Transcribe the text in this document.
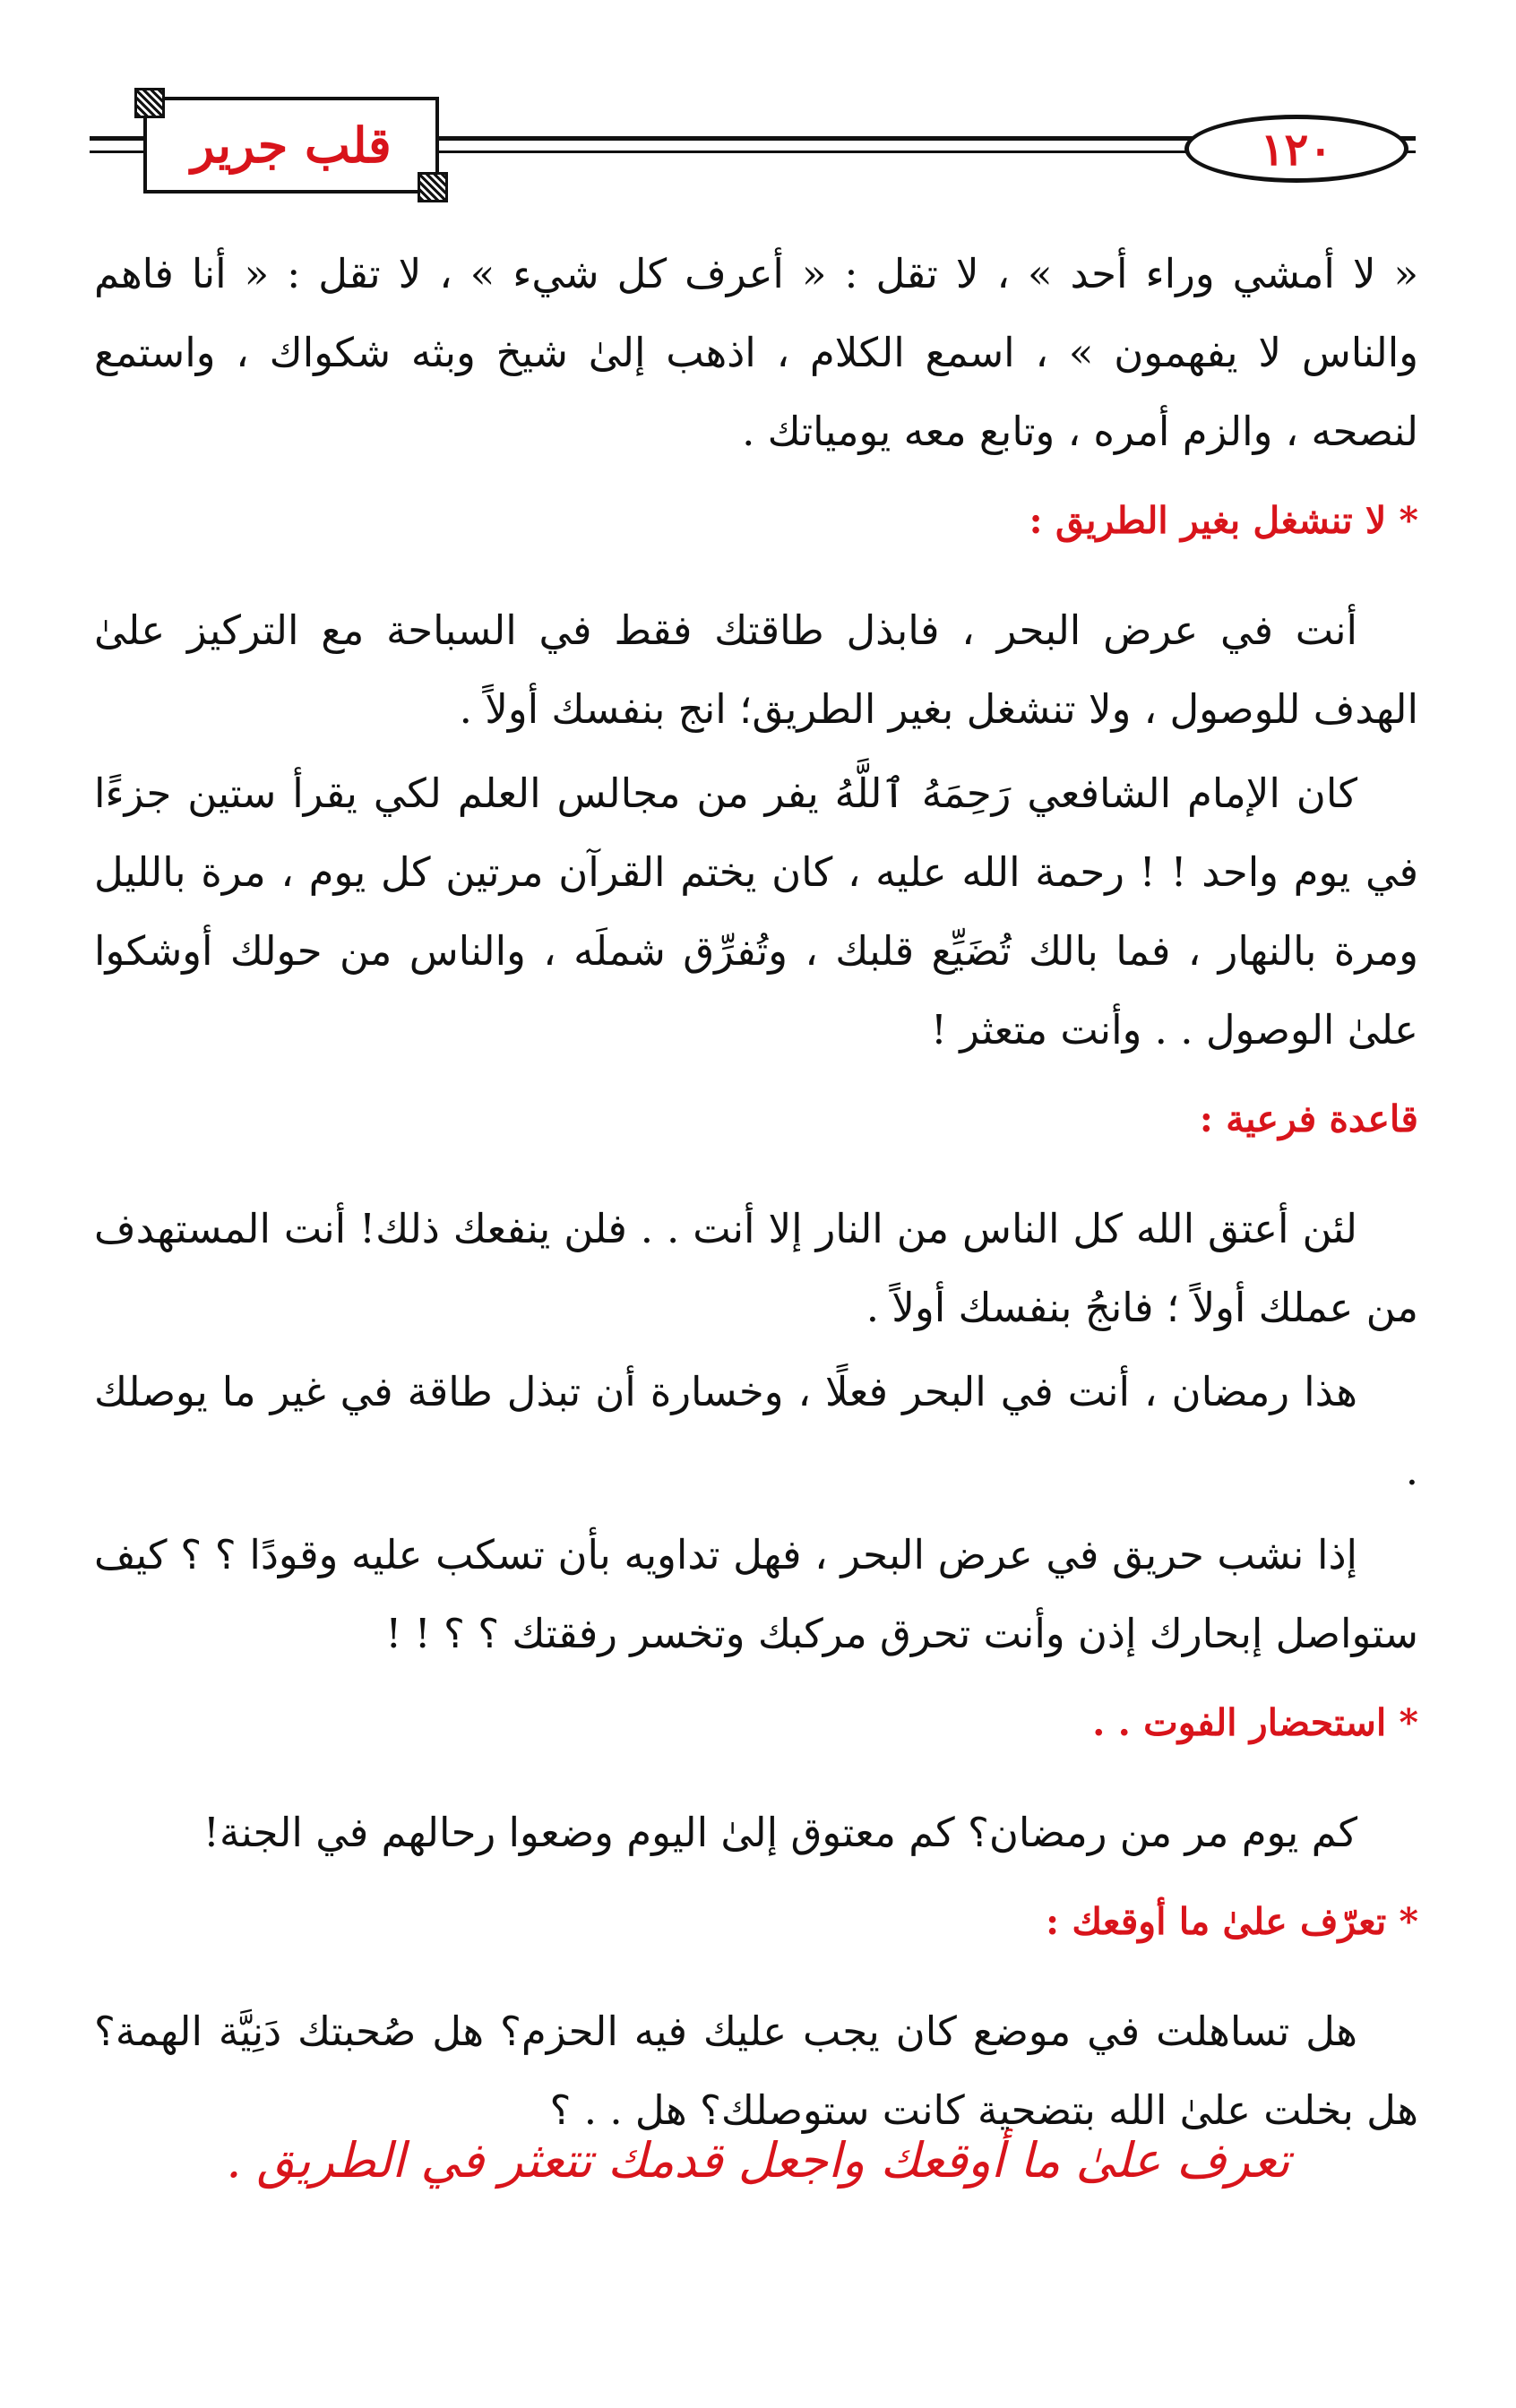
قلب جرير	١٢٠

« لا أمشي وراء أحد » ، لا تقل : « أعرف كل شيء » ، لا تقل : « أنا فاهم والناس لا يفهمون » ، اسمع الكلام ، اذهب إلىٰ شيخ وبثه شكواك ، واستمع لنصحه ، والزم أمره ، وتابع معه يومياتك .

* لا تنشغل بغير الطريق :

أنت في عرض البحر ، فابذل طاقتك فقط في السباحة مع التركيز علىٰ الهدف للوصول ، ولا تنشغل بغير الطريق؛ انج بنفسك أولاً .

كان الإمام الشافعي رَحِمَهُ ٱللَّهُ يفر من مجالس العلم لكي يقرأ ستين جزءًا في يوم واحد ! ! رحمة الله عليه ، كان يختم القرآن مرتين كل يوم ، مرة بالليل ومرة بالنهار ، فما بالك تُضَيِّع قلبك ، وتُفرِّق شملَه ، والناس من حولك أوشكوا علىٰ الوصول . . وأنت متعثر !

قاعدة فرعية :

لئن أعتق الله كل الناس من النار إلا أنت . . فلن ينفعك ذلك! أنت المستهدف من عملك أولاً ؛ فانجُ بنفسك أولاً .

هذا رمضان ، أنت في البحر فعلًا ، وخسارة أن تبذل طاقة في غير ما يوصلك .

إذا نشب حريق في عرض البحر ، فهل تداويه بأن تسكب عليه وقودًا ؟ ؟ كيف ستواصل إبحارك إذن وأنت تحرق مركبك وتخسر رفقتك ؟ ؟ ! !

* استحضار الفوت . .

كم يوم مر من رمضان؟ كم معتوق إلىٰ اليوم وضعوا رحالهم في الجنة!

* تعرّف علىٰ ما أوقعك :

هل تساهلت في موضع كان يجب عليك فيه الحزم؟ هل صُحبتك دَنِيَّة الهمة؟ هل بخلت علىٰ الله بتضحية كانت ستوصلك؟ هل . . ؟

تعرف علىٰ ما أوقعك واجعل قدمك تتعثر في الطريق .
